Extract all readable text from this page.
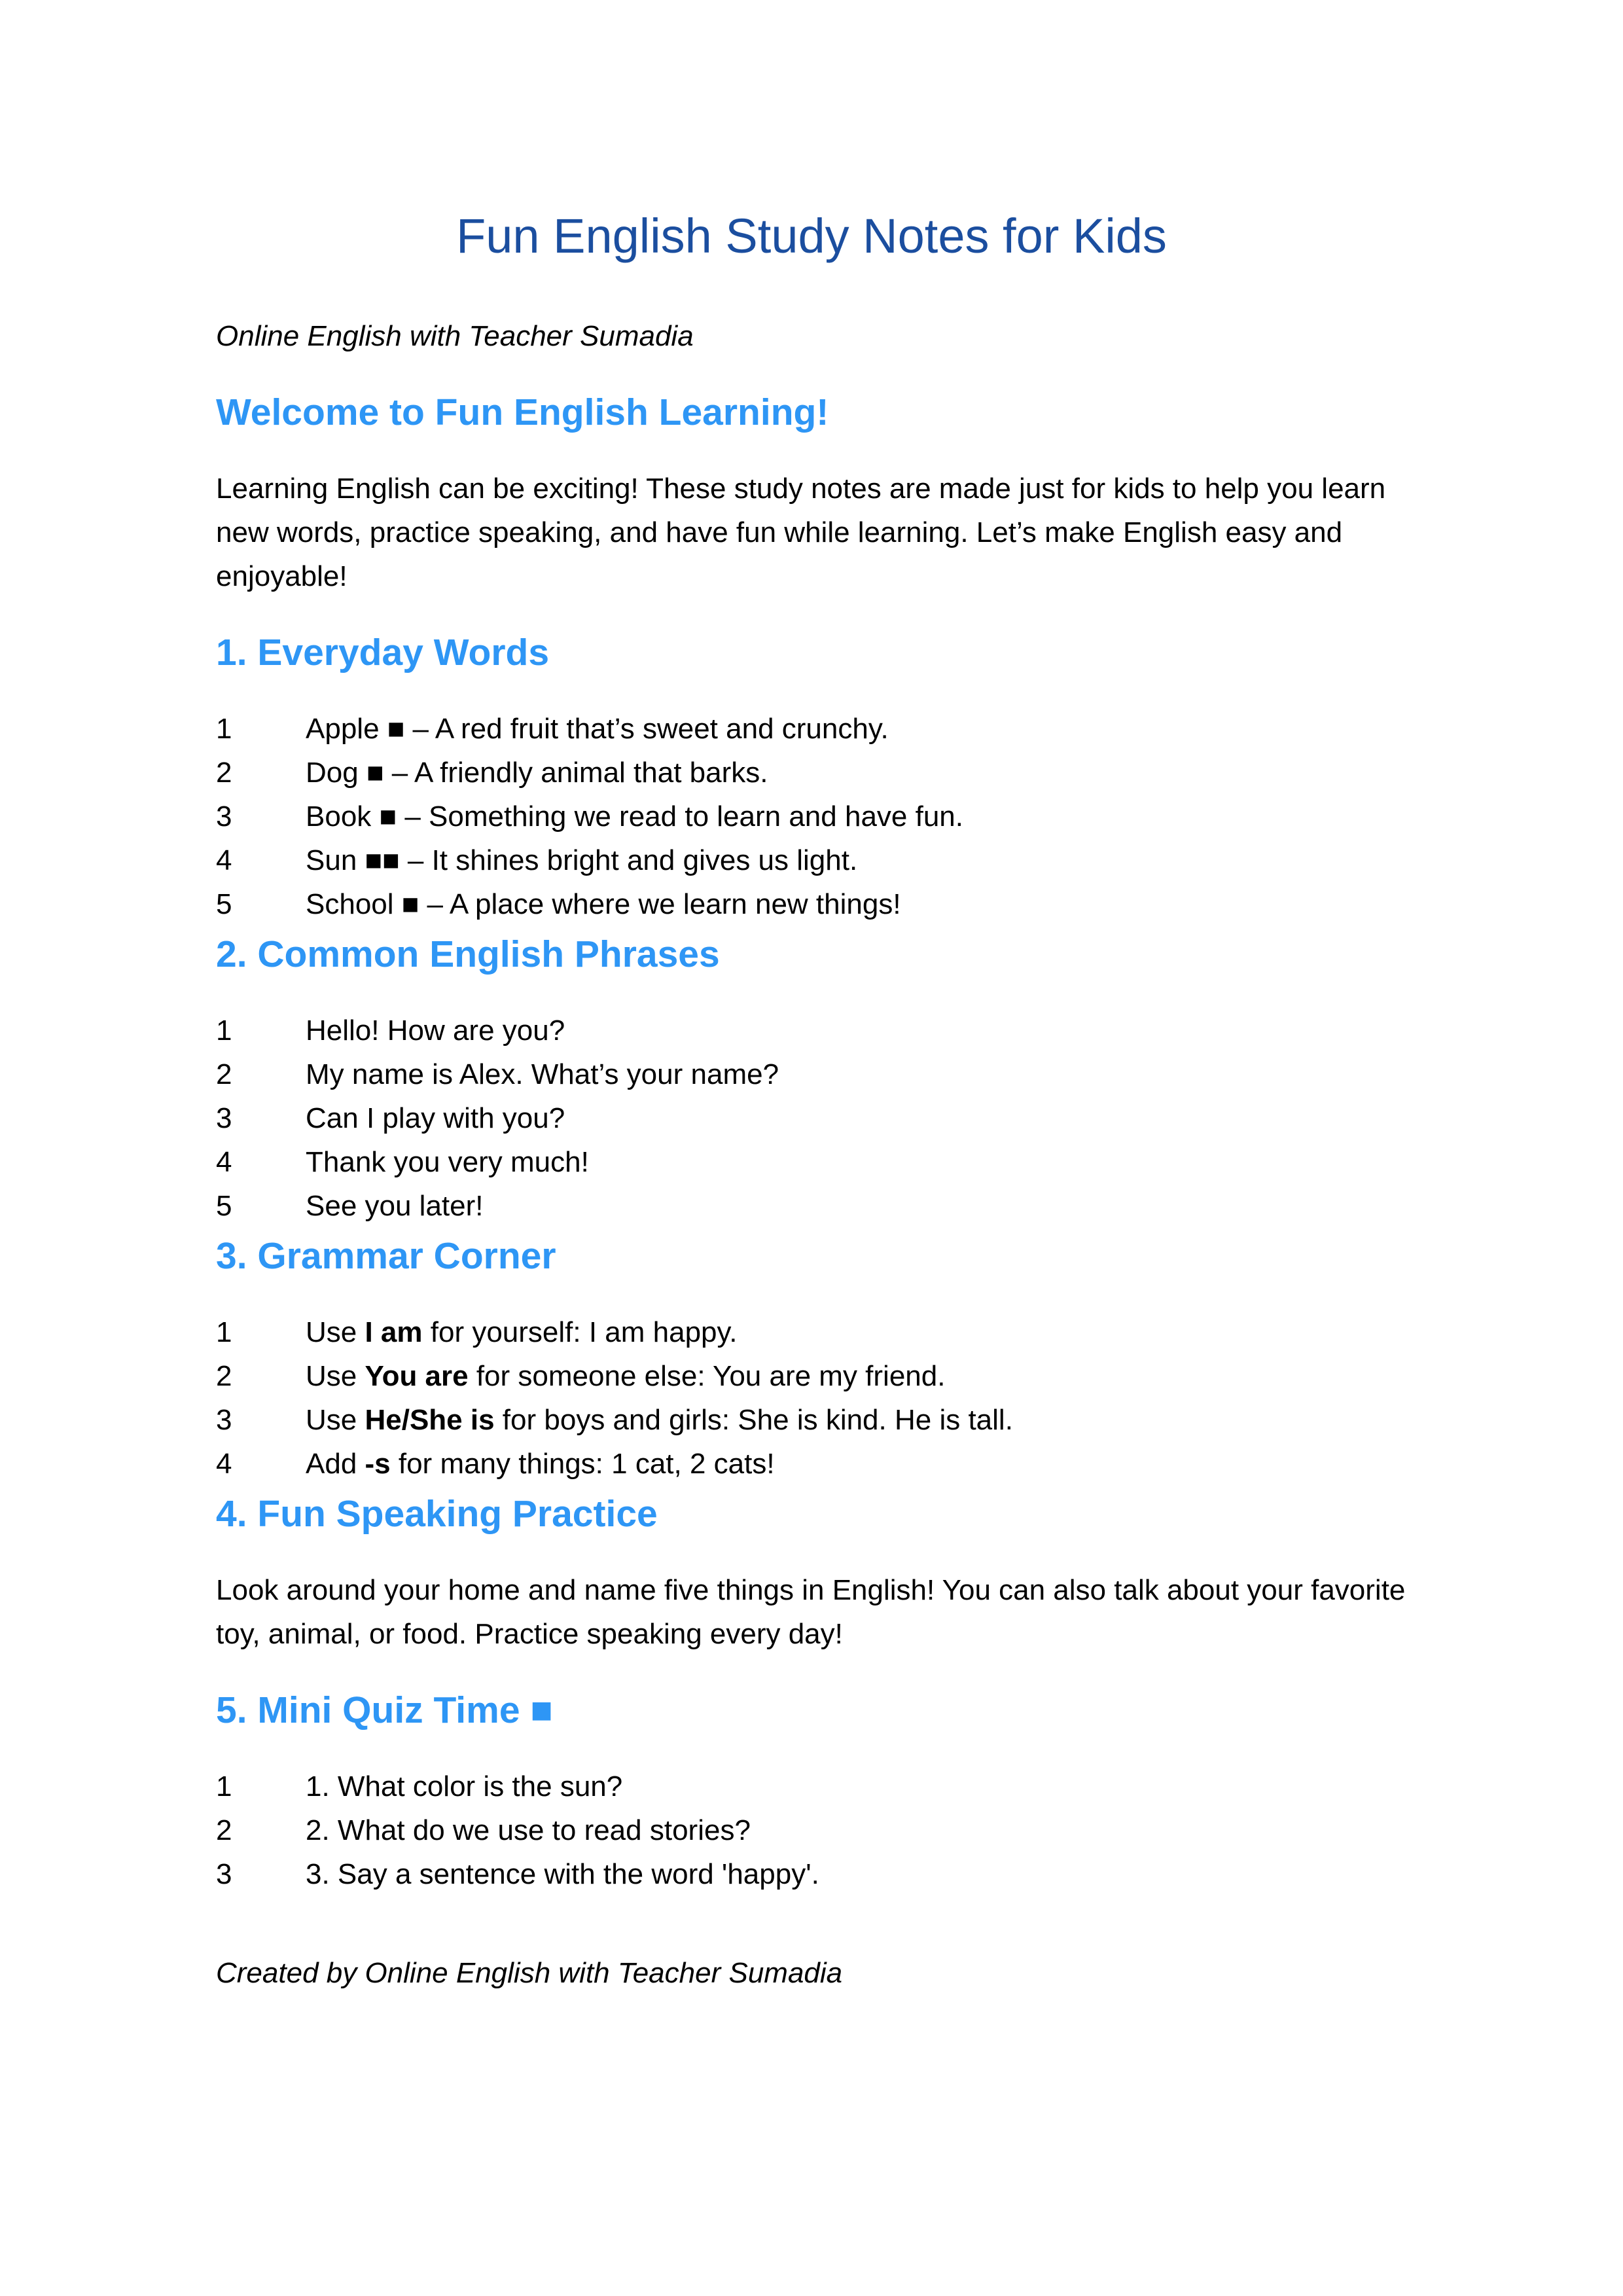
Fun English Study Notes for Kids

Online English with Teacher Sumadia

Welcome to Fun English Learning!

Learning English can be exciting! These study notes are made just for kids to help you learn new words, practice speaking, and have fun while learning. Let’s make English easy and enjoyable!

1. Everyday Words
1	Apple ■ – A red fruit that’s sweet and crunchy.
2	Dog ■ – A friendly animal that barks.
3	Book ■ – Something we read to learn and have fun.
4	Sun ■■ – It shines bright and gives us light.
5	School ■ – A place where we learn new things!
2. Common English Phrases
1	Hello! How are you?
2	My name is Alex. What’s your name?
3	Can I play with you?
4	Thank you very much!
5	See you later!
3. Grammar Corner
1	Use I am for yourself: I am happy.
2	Use You are for someone else: You are my friend.
3	Use He/She is for boys and girls: She is kind. He is tall.
4	Add -s for many things: 1 cat, 2 cats!
4. Fun Speaking Practice

Look around your home and name five things in English! You can also talk about your favorite toy, animal, or food. Practice speaking every day!

5. Mini Quiz Time ■
1	1. What color is the sun?
2	2. What do we use to read stories?
3	3. Say a sentence with the word 'happy'.

Created by Online English with Teacher Sumadia
